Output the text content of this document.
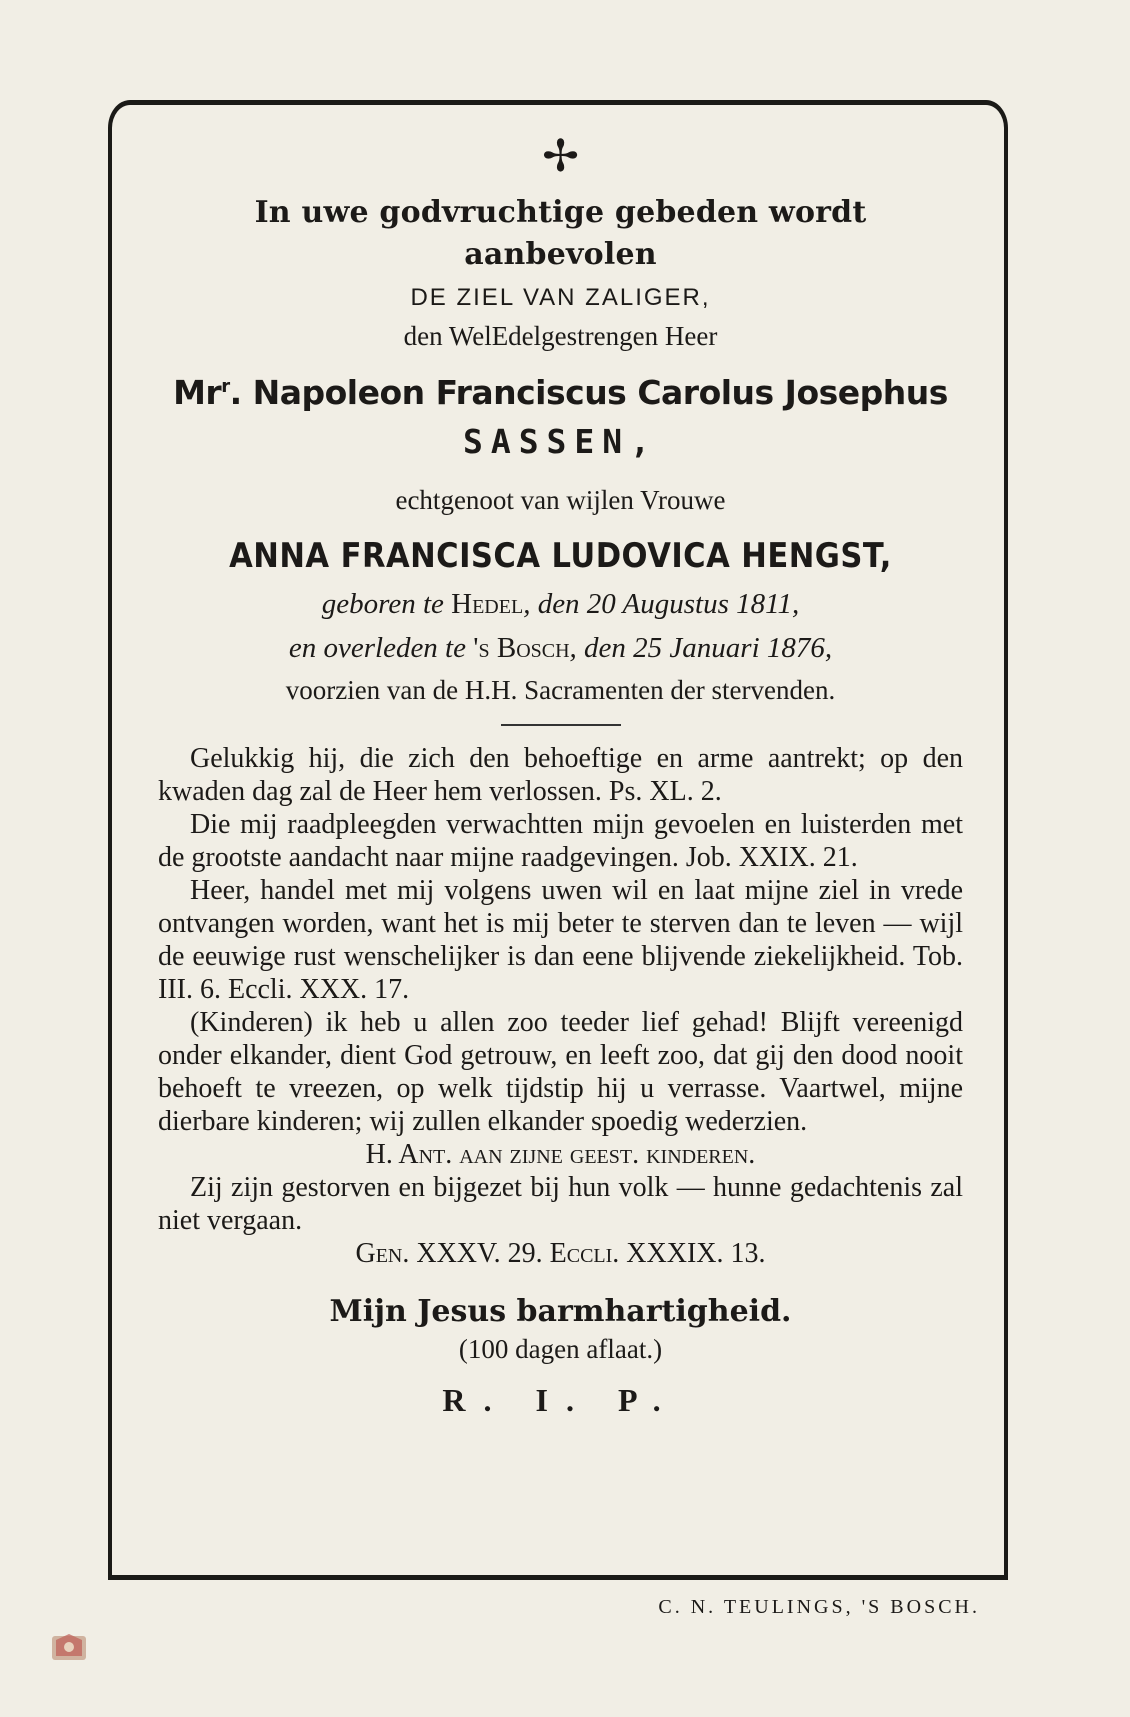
✢
In uwe godvruchtige gebeden wordt aanbevolen
DE ZIEL VAN ZALIGER,
den WelEdelgestrengen Heer
Mr$^r$. Napoleon Franciscus Carolus Josephus
SASSEN,
echtgenoot van wijlen Vrouwe
ANNA FRANCISCA LUDOVICA HENGST,
geboren te Hedel, den 20 Augustus 1811,
en overleden te 's Bosch, den 25 Januari 1876,
voorzien van de H.H. Sacramenten der stervenden.

Gelukkig hij, die zich den behoeftige en arme aantrekt; op den kwaden dag zal de Heer hem verlossen. Ps. XL. 2.

Die mij raadpleegden verwachtten mijn gevoelen en luisterden met de grootste aandacht naar mijne raadgevingen. Job. XXIX. 21.

Heer, handel met mij volgens uwen wil en laat mijne ziel in vrede ontvangen worden, want het is mij beter te sterven dan te leven — wijl de eeuwige rust wenschelijker is dan eene blijvende ziekelijkheid. Tob. III. 6. Eccli. XXX. 17.

(Kinderen) ik heb u allen zoo teeder lief gehad! Blijft vereenigd onder elkander, dient God getrouw, en leeft zoo, dat gij den dood nooit behoeft te vreezen, op welk tijdstip hij u verrasse. Vaartwel, mijne dierbare kinderen; wij zullen elkander spoedig wederzien.

H. Ant. aan zijne geest. kinderen.

Zij zijn gestorven en bijgezet bij hun volk — hunne gedachtenis zal niet vergaan.

Gen. XXXV. 29. Eccli. XXXIX. 13.

Mijn Jesus barmhartigheid.
(100 dagen aflaat.)
R. I. P.
C. N. TEULINGS, 'S BOSCH.
